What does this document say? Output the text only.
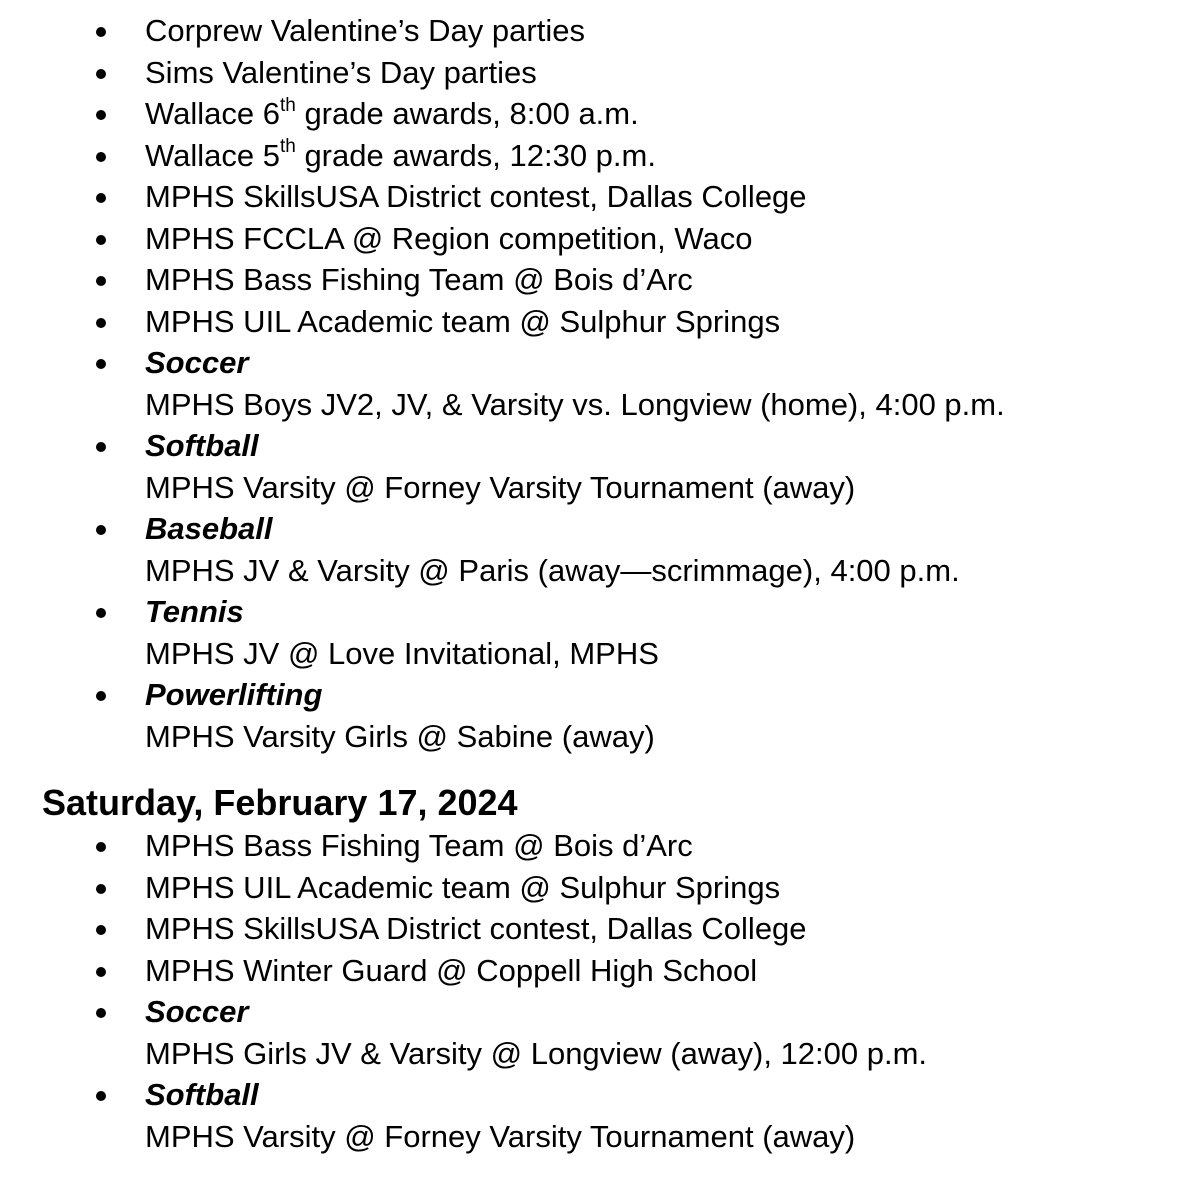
Corprew Valentine’s Day parties
Sims Valentine’s Day parties
Wallace 6th grade awards, 8:00 a.m.
Wallace 5th grade awards, 12:30 p.m.
MPHS SkillsUSA District contest, Dallas College
MPHS FCCLA @ Region competition, Waco
MPHS Bass Fishing Team @ Bois d’Arc
MPHS UIL Academic team @ Sulphur Springs
Soccer
MPHS Boys JV2, JV, & Varsity vs. Longview (home), 4:00 p.m.
Softball
MPHS Varsity @ Forney Varsity Tournament (away)
Baseball
MPHS JV & Varsity @ Paris (away—scrimmage), 4:00 p.m.
Tennis
MPHS JV @ Love Invitational, MPHS
Powerlifting
MPHS Varsity Girls @ Sabine (away)
Saturday, February 17, 2024
MPHS Bass Fishing Team @ Bois d’Arc
MPHS UIL Academic team @ Sulphur Springs
MPHS SkillsUSA District contest, Dallas College
MPHS Winter Guard @ Coppell High School
Soccer
MPHS Girls JV & Varsity @ Longview (away), 12:00 p.m.
Softball
MPHS Varsity @ Forney Varsity Tournament (away)
